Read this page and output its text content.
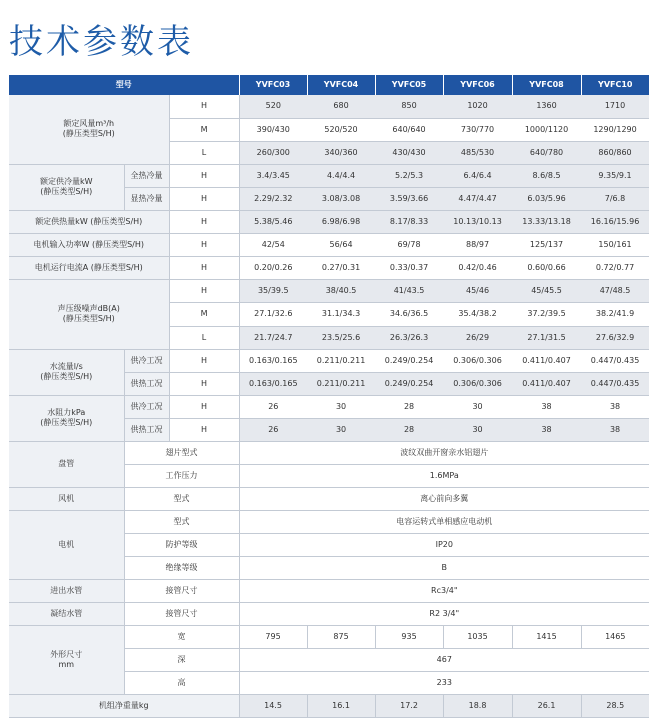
技术参数表
型号			YVFC03	YVFC04	YVFC05	YVFC06	YVFC08	YVFC10

额定风量m³/h
(静压类型S/H)		H	520	680	850	1020	1360	1710
		M	390/430	520/520	640/640	730/770	1000/1120	1290/1290
		L	260/300	340/360	430/430	485/530	640/780	860/860

额定供冷量kW
(静压类型S/H)	全热冷量	H	3.4/3.45	4.4/4.4	5.2/5.3	6.4/6.4	8.6/8.5	9.35/9.1
	显热冷量	H	2.29/2.32	3.08/3.08	3.59/3.66	4.47/4.47	6.03/5.96	7/6.8
额定供热量kW (静压类型S/H)		H	5.38/5.46	6.98/6.98	8.17/8.33	10.13/10.13	13.33/13.18	16.16/15.96
电机输入功率W (静压类型S/H)		H	42/54	56/64	69/78	88/97	125/137	150/161
电机运行电流A (静压类型S/H)		H	0.20/0.26	0.27/0.31	0.33/0.37	0.42/0.46	0.60/0.66	0.72/0.77

声压级噪声dB(A)
(静压类型S/H)		H	35/39.5	38/40.5	41/43.5	45/46	45/45.5	47/48.5
		M	27.1/32.6	31.1/34.3	34.6/36.5	35.4/38.2	37.2/39.5	38.2/41.9
		L	21.7/24.7	23.5/25.6	26.3/26.3	26/29	27.1/31.5	27.6/32.9

水流量l/s
(静压类型S/H)	供冷工况	H	0.163/0.165	0.211/0.211	0.249/0.254	0.306/0.306	0.411/0.407	0.447/0.435
	供热工况	H	0.163/0.165	0.211/0.211	0.249/0.254	0.306/0.306	0.411/0.407	0.447/0.435

水阻力kPa
(静压类型S/H)	供冷工况	H	26	30	28	30	38	38
	供热工况	H	26	30	28	30	38	38
盘管	翅片型式		波纹双曲开窗亲水铝翅片					
	工作压力		1.6MPa					
风机	型式		离心前向多翼					
电机	型式		电容运转式单相感应电动机					
	防护等级		IP20					
	绝缘等级		B					
进出水管	接管尺寸		Rc3/4"					
凝结水管	接管尺寸		R2 3/4"					

外形尺寸
mm	宽		795	875	935	1035	1415	1465
	深		467					
	高		233					
机组净重量kg			14.5	16.1	17.2	18.8	26.1	28.5
